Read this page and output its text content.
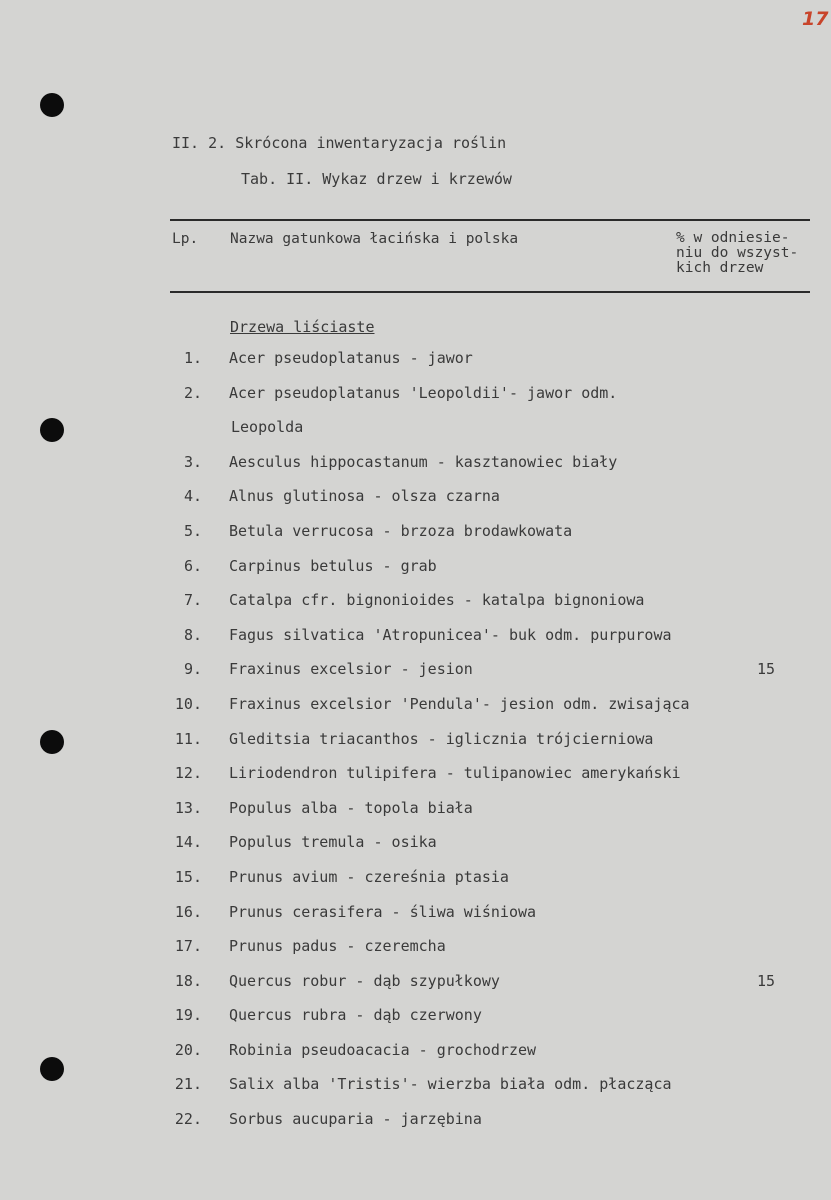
17
II. 2. Skrócona inwentaryzacja roślin
Tab. II. Wykaz drzew i krzewów
Lp. Nazwa gatunkowa łacińska i polska	% w odniesie-
niu do wszyst-
kich drzew
Drzewa liściaste
1. Acer pseudoplatanus - jawor
2. Acer pseudoplatanus 'Leopoldii'- jawor odm.
Leopolda
3. Aesculus hippocastanum - kasztanowiec biały
4. Alnus glutinosa - olsza czarna
5. Betula verrucosa - brzoza brodawkowata
6. Carpinus betulus - grab
7. Catalpa cfr. bignonioides - katalpa bignoniowa
8. Fagus silvatica 'Atropunicea'- buk odm. purpurowa
9. Fraxinus excelsior - jesion	15
10. Fraxinus excelsior 'Pendula'- jesion odm. zwisająca
11. Gleditsia triacanthos - iglicznia trójcierniowa
12. Liriodendron tulipifera - tulipanowiec amerykański
13. Populus alba - topola biała
14. Populus tremula - osika
15. Prunus avium - czereśnia ptasia
16. Prunus cerasifera - śliwa wiśniowa
17. Prunus padus - czeremcha
18. Quercus robur - dąb szypułkowy	15
19. Quercus rubra - dąb czerwony
20. Robinia pseudoacacia - grochodrzew
21. Salix alba 'Tristis'- wierzba biała odm. płacząca
22. Sorbus aucuparia - jarzębina
